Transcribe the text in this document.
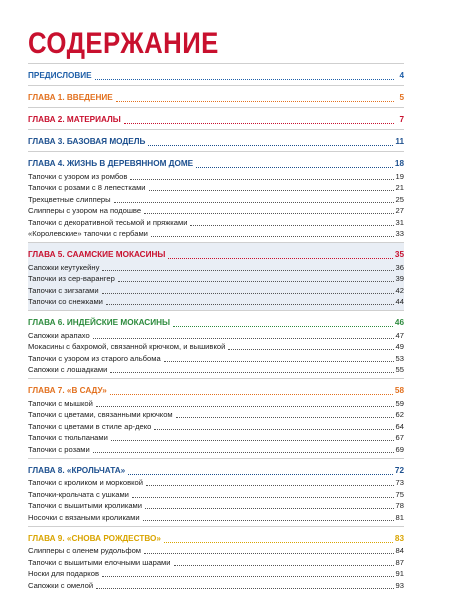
СОДЕРЖАНИЕ
ПРЕДИСЛОВИЕ	4
ГЛАВА 1. ВВЕДЕНИЕ	5
ГЛАВА 2. МАТЕРИАЛЫ	7
ГЛАВА 3. БАЗОВАЯ МОДЕЛЬ	11
ГЛАВА 4. ЖИЗНЬ В ДЕРЕВЯННОМ ДОМЕ	18
Тапочки с узором из ромбов	19
Тапочки с розами с 8 лепестками	21
Трехцветные слипперы	25
Слипперы с узором на подошве	27
Тапочки с декоративной тесьмой и пряжками	31
«Королевские» тапочки с гербами	33
ГЛАВА 5. СААМСКИЕ МОКАСИНЫ	35
Сапожки кеутукейну	36
Тапочки из сер-варангер	39
Тапочки с зигзагами	42
Тапочки со снежками	44
ГЛАВА 6. ИНДЕЙСКИЕ МОКАСИНЫ	46
Сапожки арапахо	47
Мокасины с бахромой, связанной крючком, и вышивкой	49
Тапочки с узором из старого альбома	53
Сапожки с лошадками	55
ГЛАВА 7. «В САДУ»	58
Тапочки с мышкой	59
Тапочки с цветами, связанными крючком	62
Тапочки с цветами в стиле ар-деко	64
Тапочки с тюльпанами	67
Тапочки с розами	69
ГЛАВА 8. «КРОЛЬЧАТА»	72
Тапочки с кроликом и морковкой	73
Тапочки-крольчата с ушками	75
Тапочки с вышитыми кроликами	78
Носочки с вязаными кроликами	81
ГЛАВА 9. «СНОВА РОЖДЕСТВО»	83
Слипперы с оленем рудольфом	84
Тапочки с вышитыми елочными шарами	87
Носки для подарков	91
Сапожки с омелой	93
